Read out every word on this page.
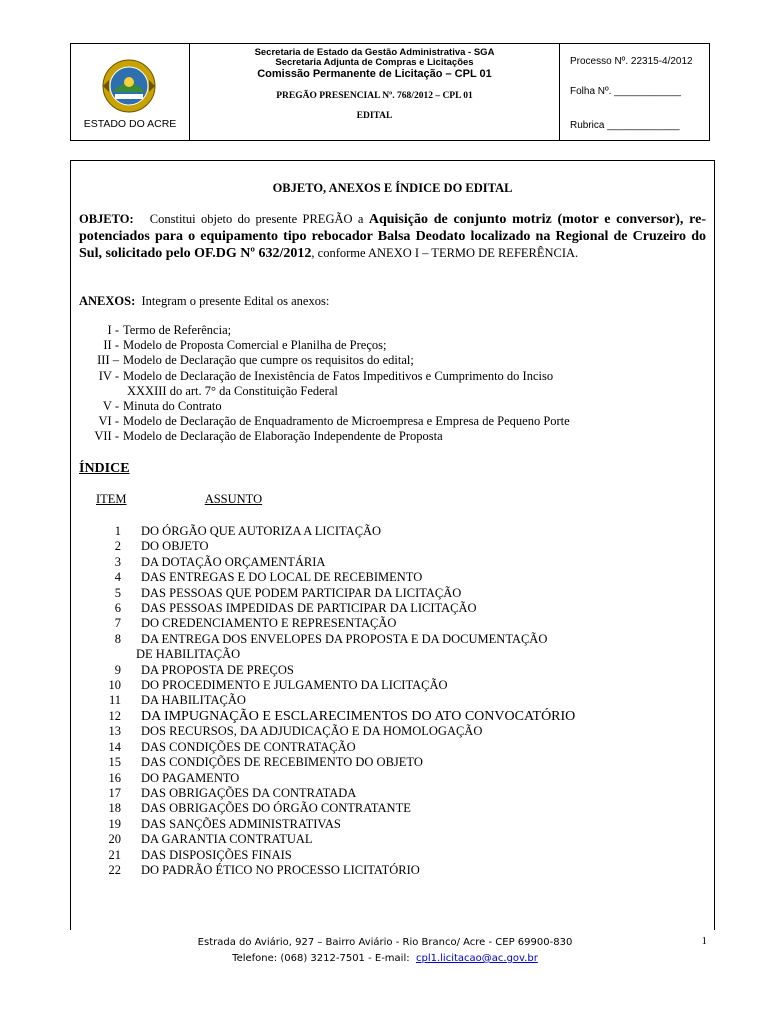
ESTADO DO ACRE
Secretaria de Estado da Gestão Administrativa - SGA
Secretaria Adjunta de Compras e Licitações
Comissão Permanente de Licitação – CPL 01
PREGÃO PRESENCIAL Nº. 768/2012 – CPL 01
EDITAL
Processo Nº. 22315-4/2012
Folha Nº. ____________
Rubrica _____________
OBJETO, ANEXOS E ÍNDICE DO EDITAL
OBJETO: Constitui objeto do presente PREGÃO a Aquisição de conjunto motriz (motor e conversor), re-potenciados para o equipamento tipo rebocador Balsa Deodato localizado na Regional de Cruzeiro do Sul, solicitado pelo OF.DG Nº 632/2012, conforme ANEXO I – TERMO DE REFERÊNCIA.
ANEXOS: Integram o presente Edital os anexos:
I - Termo de Referência;
II - Modelo de Proposta Comercial e Planilha de Preços;
III – Modelo de Declaração que cumpre os requisitos do edital;
IV - Modelo de Declaração de Inexistência de Fatos Impeditivos e Cumprimento do Inciso
XXXIII do art. 7° da Constituição Federal
V - Minuta do Contrato
VI - Modelo de Declaração de Enquadramento de Microempresa e Empresa de Pequeno Porte
VII - Modelo de Declaração de Elaboração Independente de Proposta
ÍNDICE
ITEM	ASSUNTO
1	DO ÓRGÃO QUE AUTORIZA A LICITAÇÃO
2	DO OBJETO
3	DA DOTAÇÃO ORÇAMENTÁRIA
4	DAS ENTREGAS E DO LOCAL DE RECEBIMENTO
5	DAS PESSOAS QUE PODEM PARTICIPAR DA LICITAÇÃO
6	DAS PESSOAS IMPEDIDAS DE PARTICIPAR DA LICITAÇÃO
7	DO CREDENCIAMENTO E REPRESENTAÇÃO
8	DA ENTREGA DOS ENVELOPES DA PROPOSTA E DA DOCUMENTAÇÃO
DE HABILITAÇÃO
9	DA PROPOSTA DE PREÇOS
10	DO PROCEDIMENTO E JULGAMENTO DA LICITAÇÃO
11	DA HABILITAÇÃO
12	DA IMPUGNAÇÃO E ESCLARECIMENTOS DO ATO CONVOCATÓRIO
13	DOS RECURSOS, DA ADJUDICAÇÃO E DA HOMOLOGAÇÃO
14	DAS CONDIÇÕES DE CONTRATAÇÃO
15	DAS CONDIÇÕES DE RECEBIMENTO DO OBJETO
16	DO PAGAMENTO
17	DAS OBRIGAÇÕES DA CONTRATADA
18	DAS OBRIGAÇÕES DO ÓRGÃO CONTRATANTE
19	DAS SANÇÕES ADMINISTRATIVAS
20	DA GARANTIA CONTRATUAL
21	DAS DISPOSIÇÕES FINAIS
22	DO PADRÃO ÉTICO NO PROCESSO LICITATÓRIO
Estrada do Aviário, 927 – Bairro Aviário - Rio Branco/ Acre - CEP 69900-830
Telefone: (068) 3212-7501 - E-mail: cpl1.licitacao@ac.gov.br
1
